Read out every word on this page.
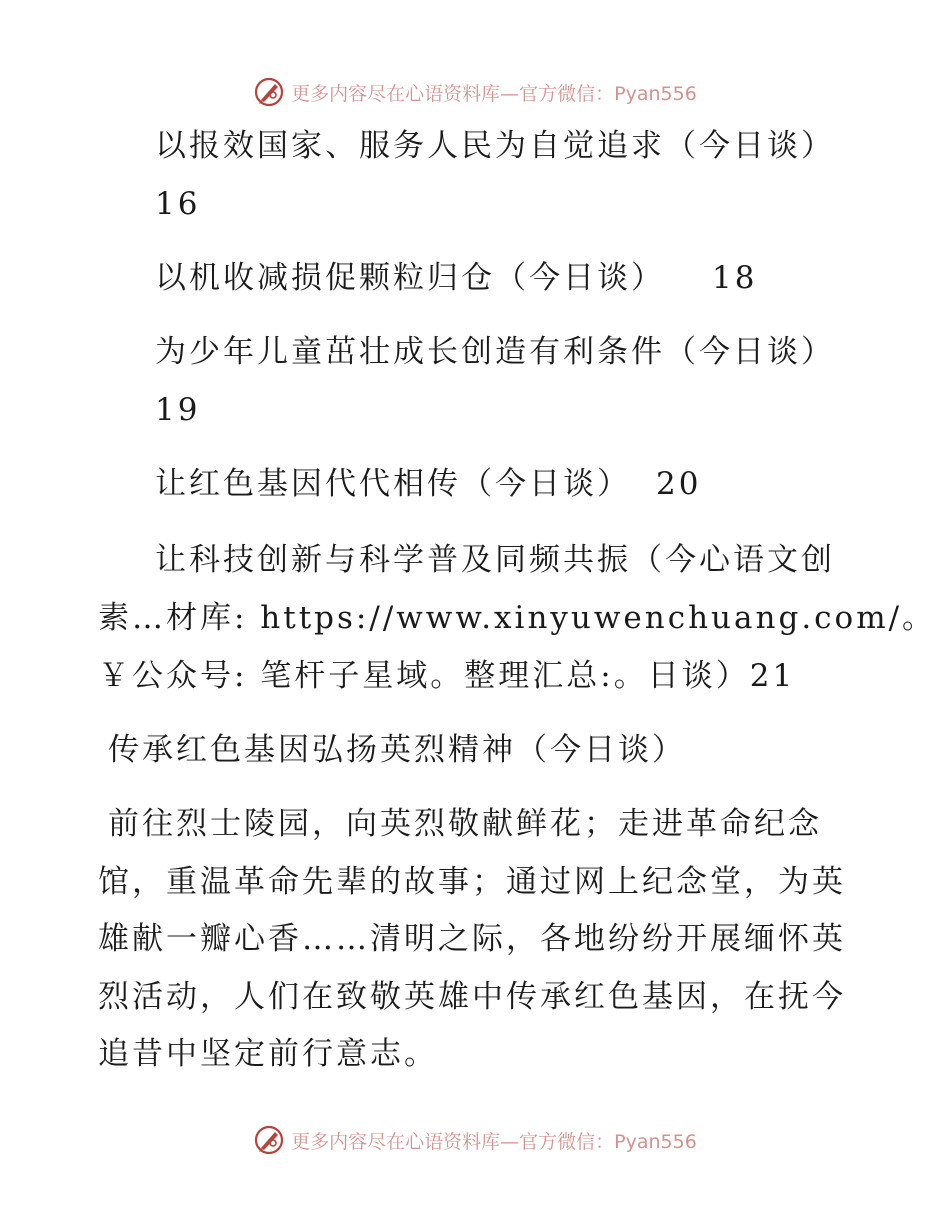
更多内容尽在心语资料库—官方微信：Pyan556
以报效国家、服务人民为自觉追求（今日谈）
16
以机收减损促颗粒归仓（今日谈） 18
为少年儿童茁壮成长创造有利条件（今日谈）
19
让红色基因代代相传（今日谈） 20
让科技创新与科学普及同频共振（今心语文创
素…材库: https://www.xinyuwenchuang.com/。
￥公众号: 笔杆子星域。整理汇总:。日谈）21
传承红色基因弘扬英烈精神（今日谈）
前往烈士陵园，向英烈敬献鲜花；走进革命纪念馆，重温革命先辈的故事；通过网上纪念堂，为英雄献一瓣心香……清明之际，各地纷纷开展缅怀英烈活动，人们在致敬英雄中传承红色基因，在抚今追昔中坚定前行意志。
更多内容尽在心语资料库—官方微信：Pyan556
